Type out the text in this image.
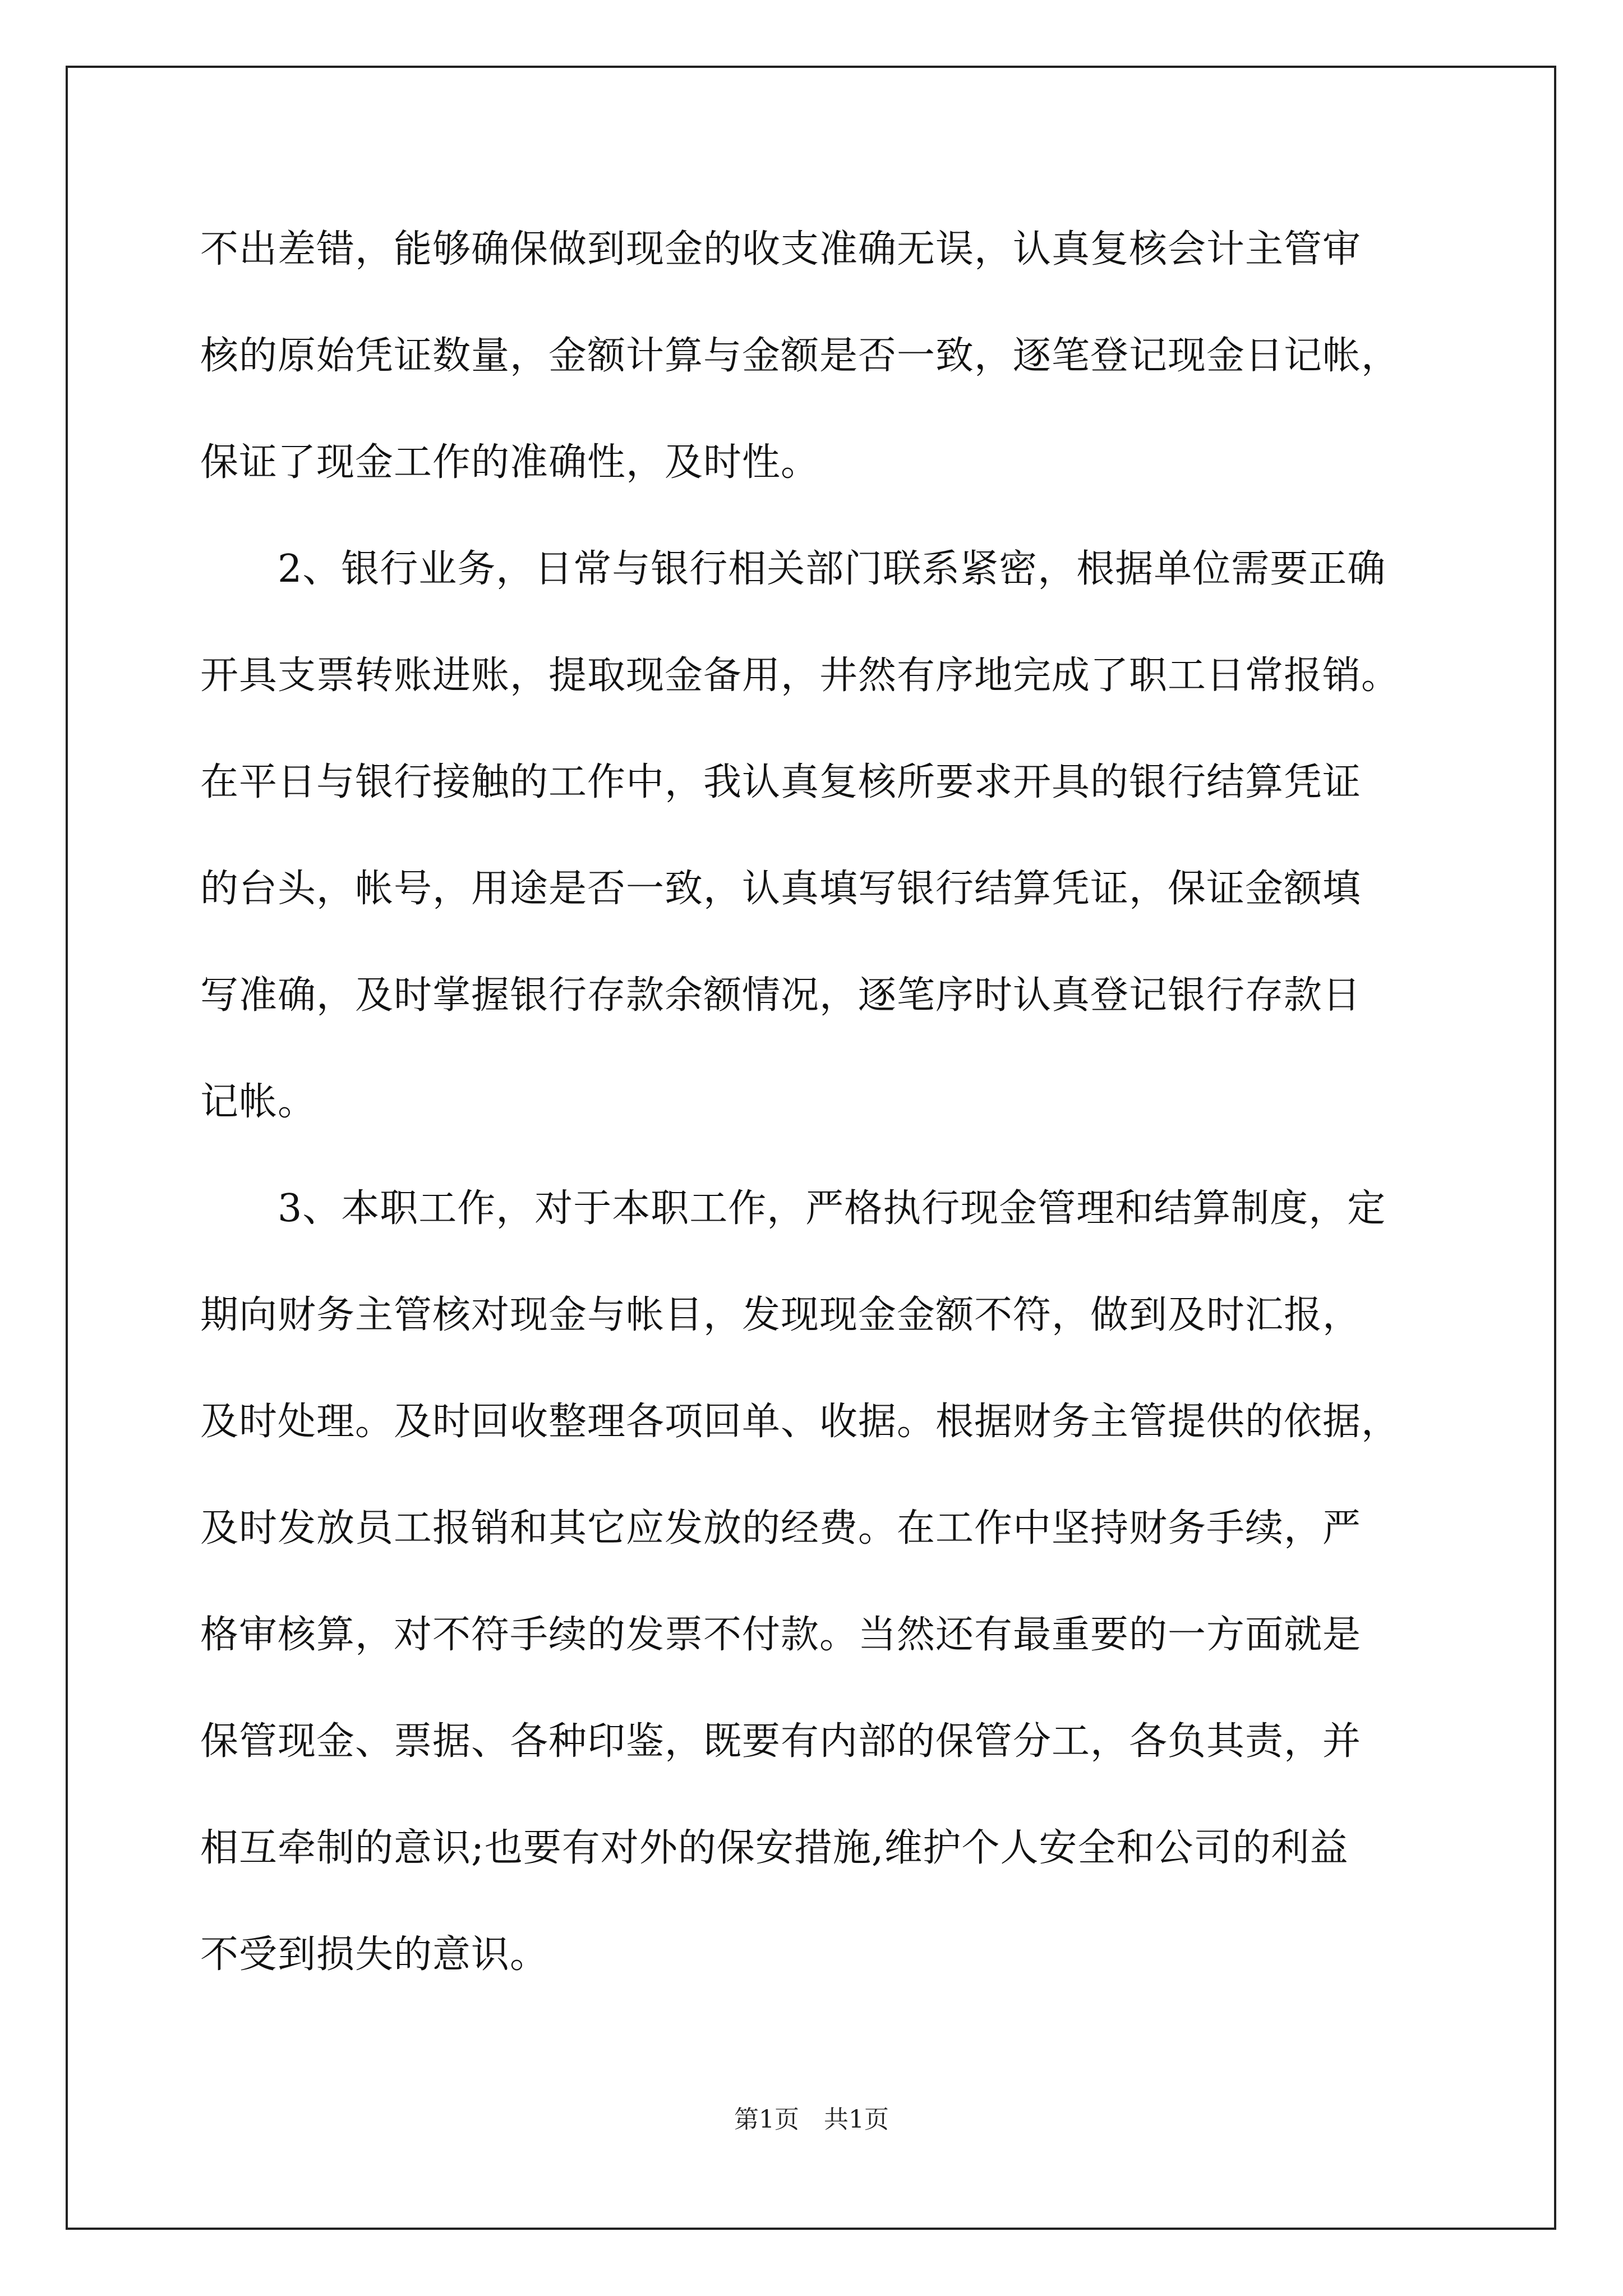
不出差错，能够确保做到现金的收支准确无误，认真复核会计主管审
核的原始凭证数量，金额计算与金额是否一致，逐笔登记现金日记帐，
保证了现金工作的准确性，及时性。
　　2、银行业务，日常与银行相关部门联系紧密，根据单位需要正确
开具支票转账进账，提取现金备用，井然有序地完成了职工日常报销。
在平日与银行接触的工作中，我认真复核所要求开具的银行结算凭证
的台头，帐号，用途是否一致，认真填写银行结算凭证，保证金额填
写准确，及时掌握银行存款余额情况，逐笔序时认真登记银行存款日
记帐。
　　3、本职工作，对于本职工作，严格执行现金管理和结算制度，定
期向财务主管核对现金与帐目，发现现金金额不符，做到及时汇报，
及时处理。及时回收整理各项回单、收据。根据财务主管提供的依据，
及时发放员工报销和其它应发放的经费。在工作中坚持财务手续，严
格审核算，对不符手续的发票不付款。当然还有最重要的一方面就是
保管现金、票据、各种印鉴，既要有内部的保管分工，各负其责，并
相互牵制的意识;也要有对外的保安措施,维护个人安全和公司的利益
不受到损失的意识。
第1页　共1页
